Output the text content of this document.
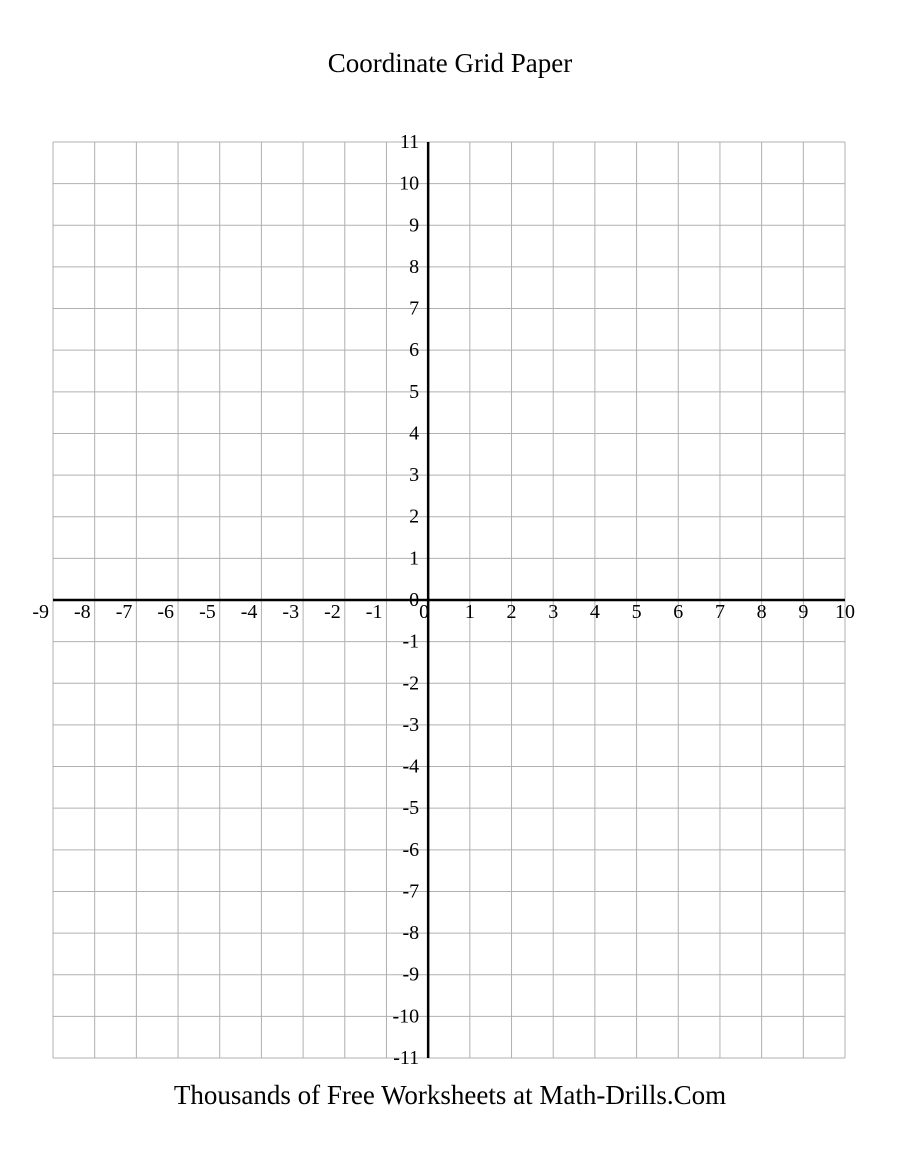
Coordinate Grid Paper
-9 -8 -7 -6 -5 -4 -3 -2 -1 0 1 2 3 4 5 6 7 8 9 10
11
10
9
8
7
6
5
4
3
2
1
0
-1
-2
-3
-4
-5
-6
-7
-8
-9
-10
-11
Thousands of Free Worksheets at Math-Drills.Com
